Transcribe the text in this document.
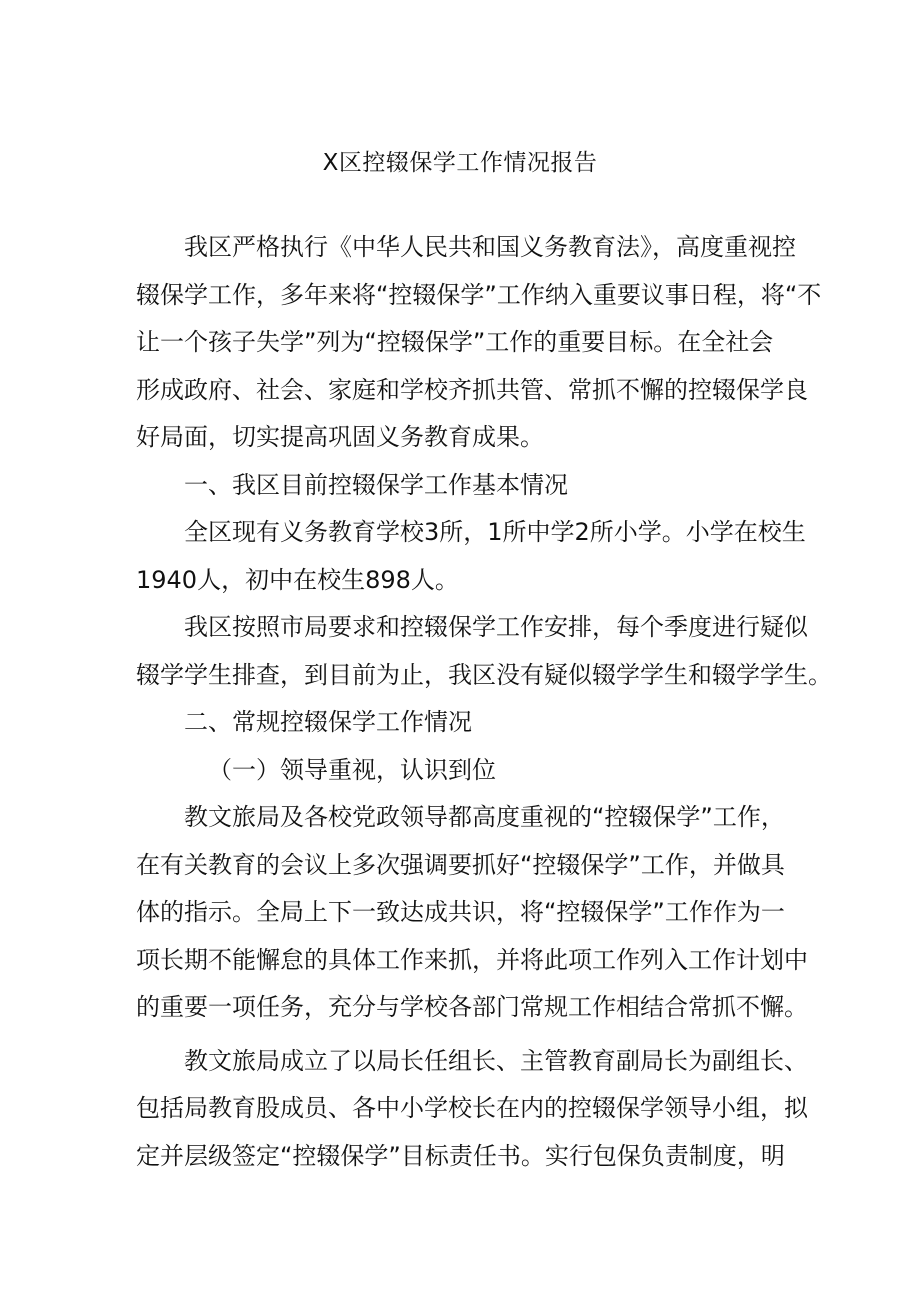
X区控辍保学工作情况报告

我区严格执行《中华人民共和国义务教育法》，高度重视控
辍保学工作，多年来将“控辍保学”工作纳入重要议事日程，将“不
让一个孩子失学”列为“控辍保学”工作的重要目标。在全社会
形成政府、社会、家庭和学校齐抓共管、常抓不懈的控辍保学良
好局面，切实提高巩固义务教育成果。

一、我区目前控辍保学工作基本情况

全区现有义务教育学校3所，1所中学2所小学。小学在校生
1940人，初中在校生898人。

我区按照市局要求和控辍保学工作安排，每个季度进行疑似
辍学学生排查，到目前为止，我区没有疑似辍学学生和辍学学生。

二、常规控辍保学工作情况

（一）领导重视，认识到位

教文旅局及各校党政领导都高度重视的“控辍保学”工作，
在有关教育的会议上多次强调要抓好“控辍保学”工作，并做具
体的指示。全局上下一致达成共识，将“控辍保学”工作作为一
项长期不能懈怠的具体工作来抓，并将此项工作列入工作计划中
的重要一项任务，充分与学校各部门常规工作相结合常抓不懈。

教文旅局成立了以局长任组长、主管教育副局长为副组长、
包括局教育股成员、各中小学校长在内的控辍保学领导小组，拟
定并层级签定“控辍保学”目标责任书。实行包保负责制度，明
